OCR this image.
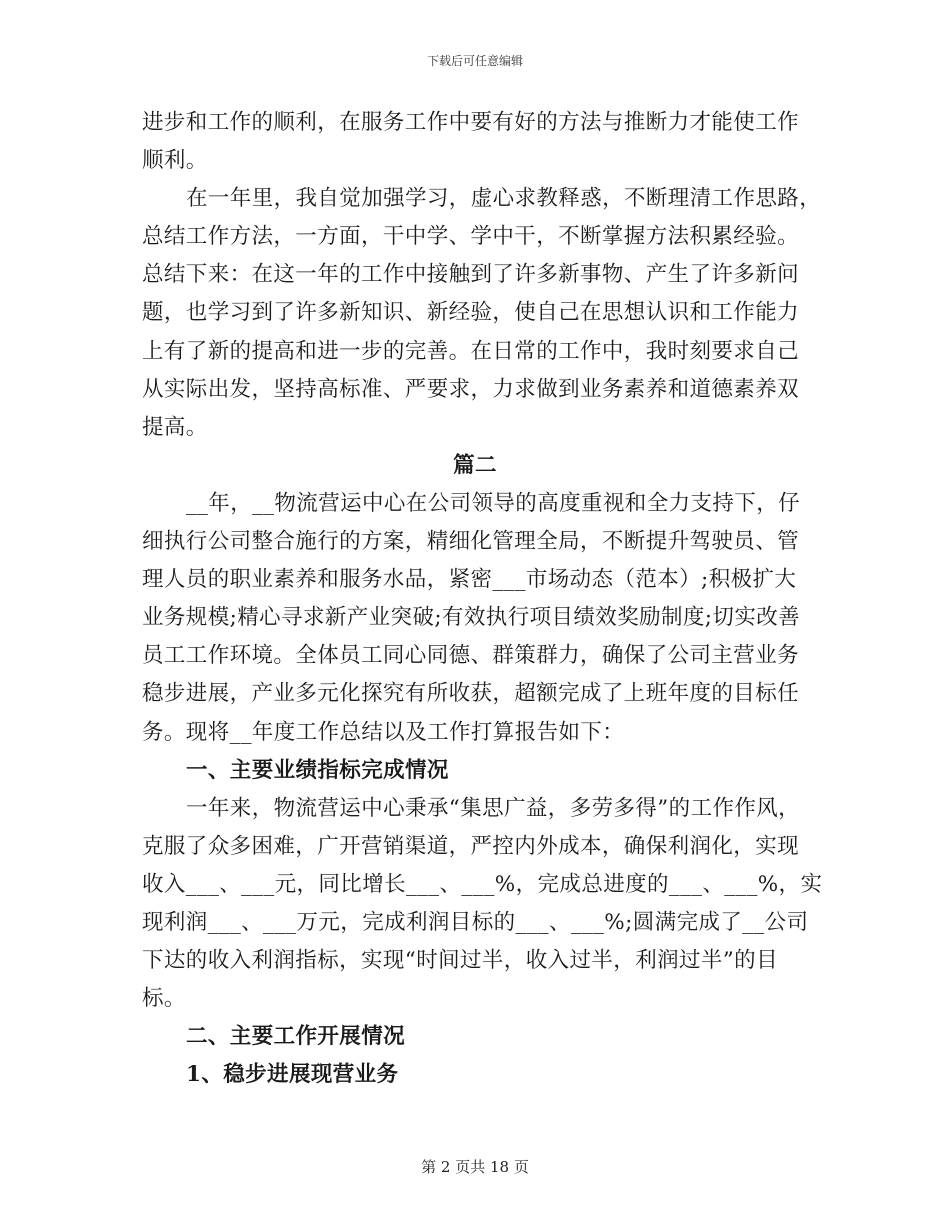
下载后可任意编辑
进步和工作的顺利，在服务工作中要有好的方法与推断力才能使工作
顺利。
在一年里，我自觉加强学习，虚心求教释惑，不断理清工作思路，
总结工作方法，一方面，干中学、学中干，不断掌握方法积累经验。
总结下来：在这一年的工作中接触到了许多新事物、产生了许多新问
题，也学习到了许多新知识、新经验，使自己在思想认识和工作能力
上有了新的提高和进一步的完善。在日常的工作中，我时刻要求自己
从实际出发，坚持高标准、严要求，力求做到业务素养和道德素养双
提高。
篇二
__年，__物流营运中心在公司领导的高度重视和全力支持下，仔
细执行公司整合施行的方案，精细化管理全局，不断提升驾驶员、管
理人员的职业素养和服务水品，紧密___市场动态（范本）;积极扩大
业务规模;精心寻求新产业突破;有效执行项目绩效奖励制度;切实改善
员工工作环境。全体员工同心同德、群策群力，确保了公司主营业务
稳步进展，产业多元化探究有所收获，超额完成了上班年度的目标任
务。现将__年度工作总结以及工作打算报告如下：
一、主要业绩指标完成情况
一年来，物流营运中心秉承“集思广益，多劳多得”的工作作风，
克服了众多困难，广开营销渠道，严控内外成本，确保利润化，实现
收入___、___元，同比增长___、___%，完成总进度的___、___%，实
现利润___、___万元，完成利润目标的___、___%;圆满完成了__公司
下达的收入利润指标，实现“时间过半，收入过半，利润过半”的目
标。
二、主要工作开展情况
1、稳步进展现营业务
第 2 页共 18 页
